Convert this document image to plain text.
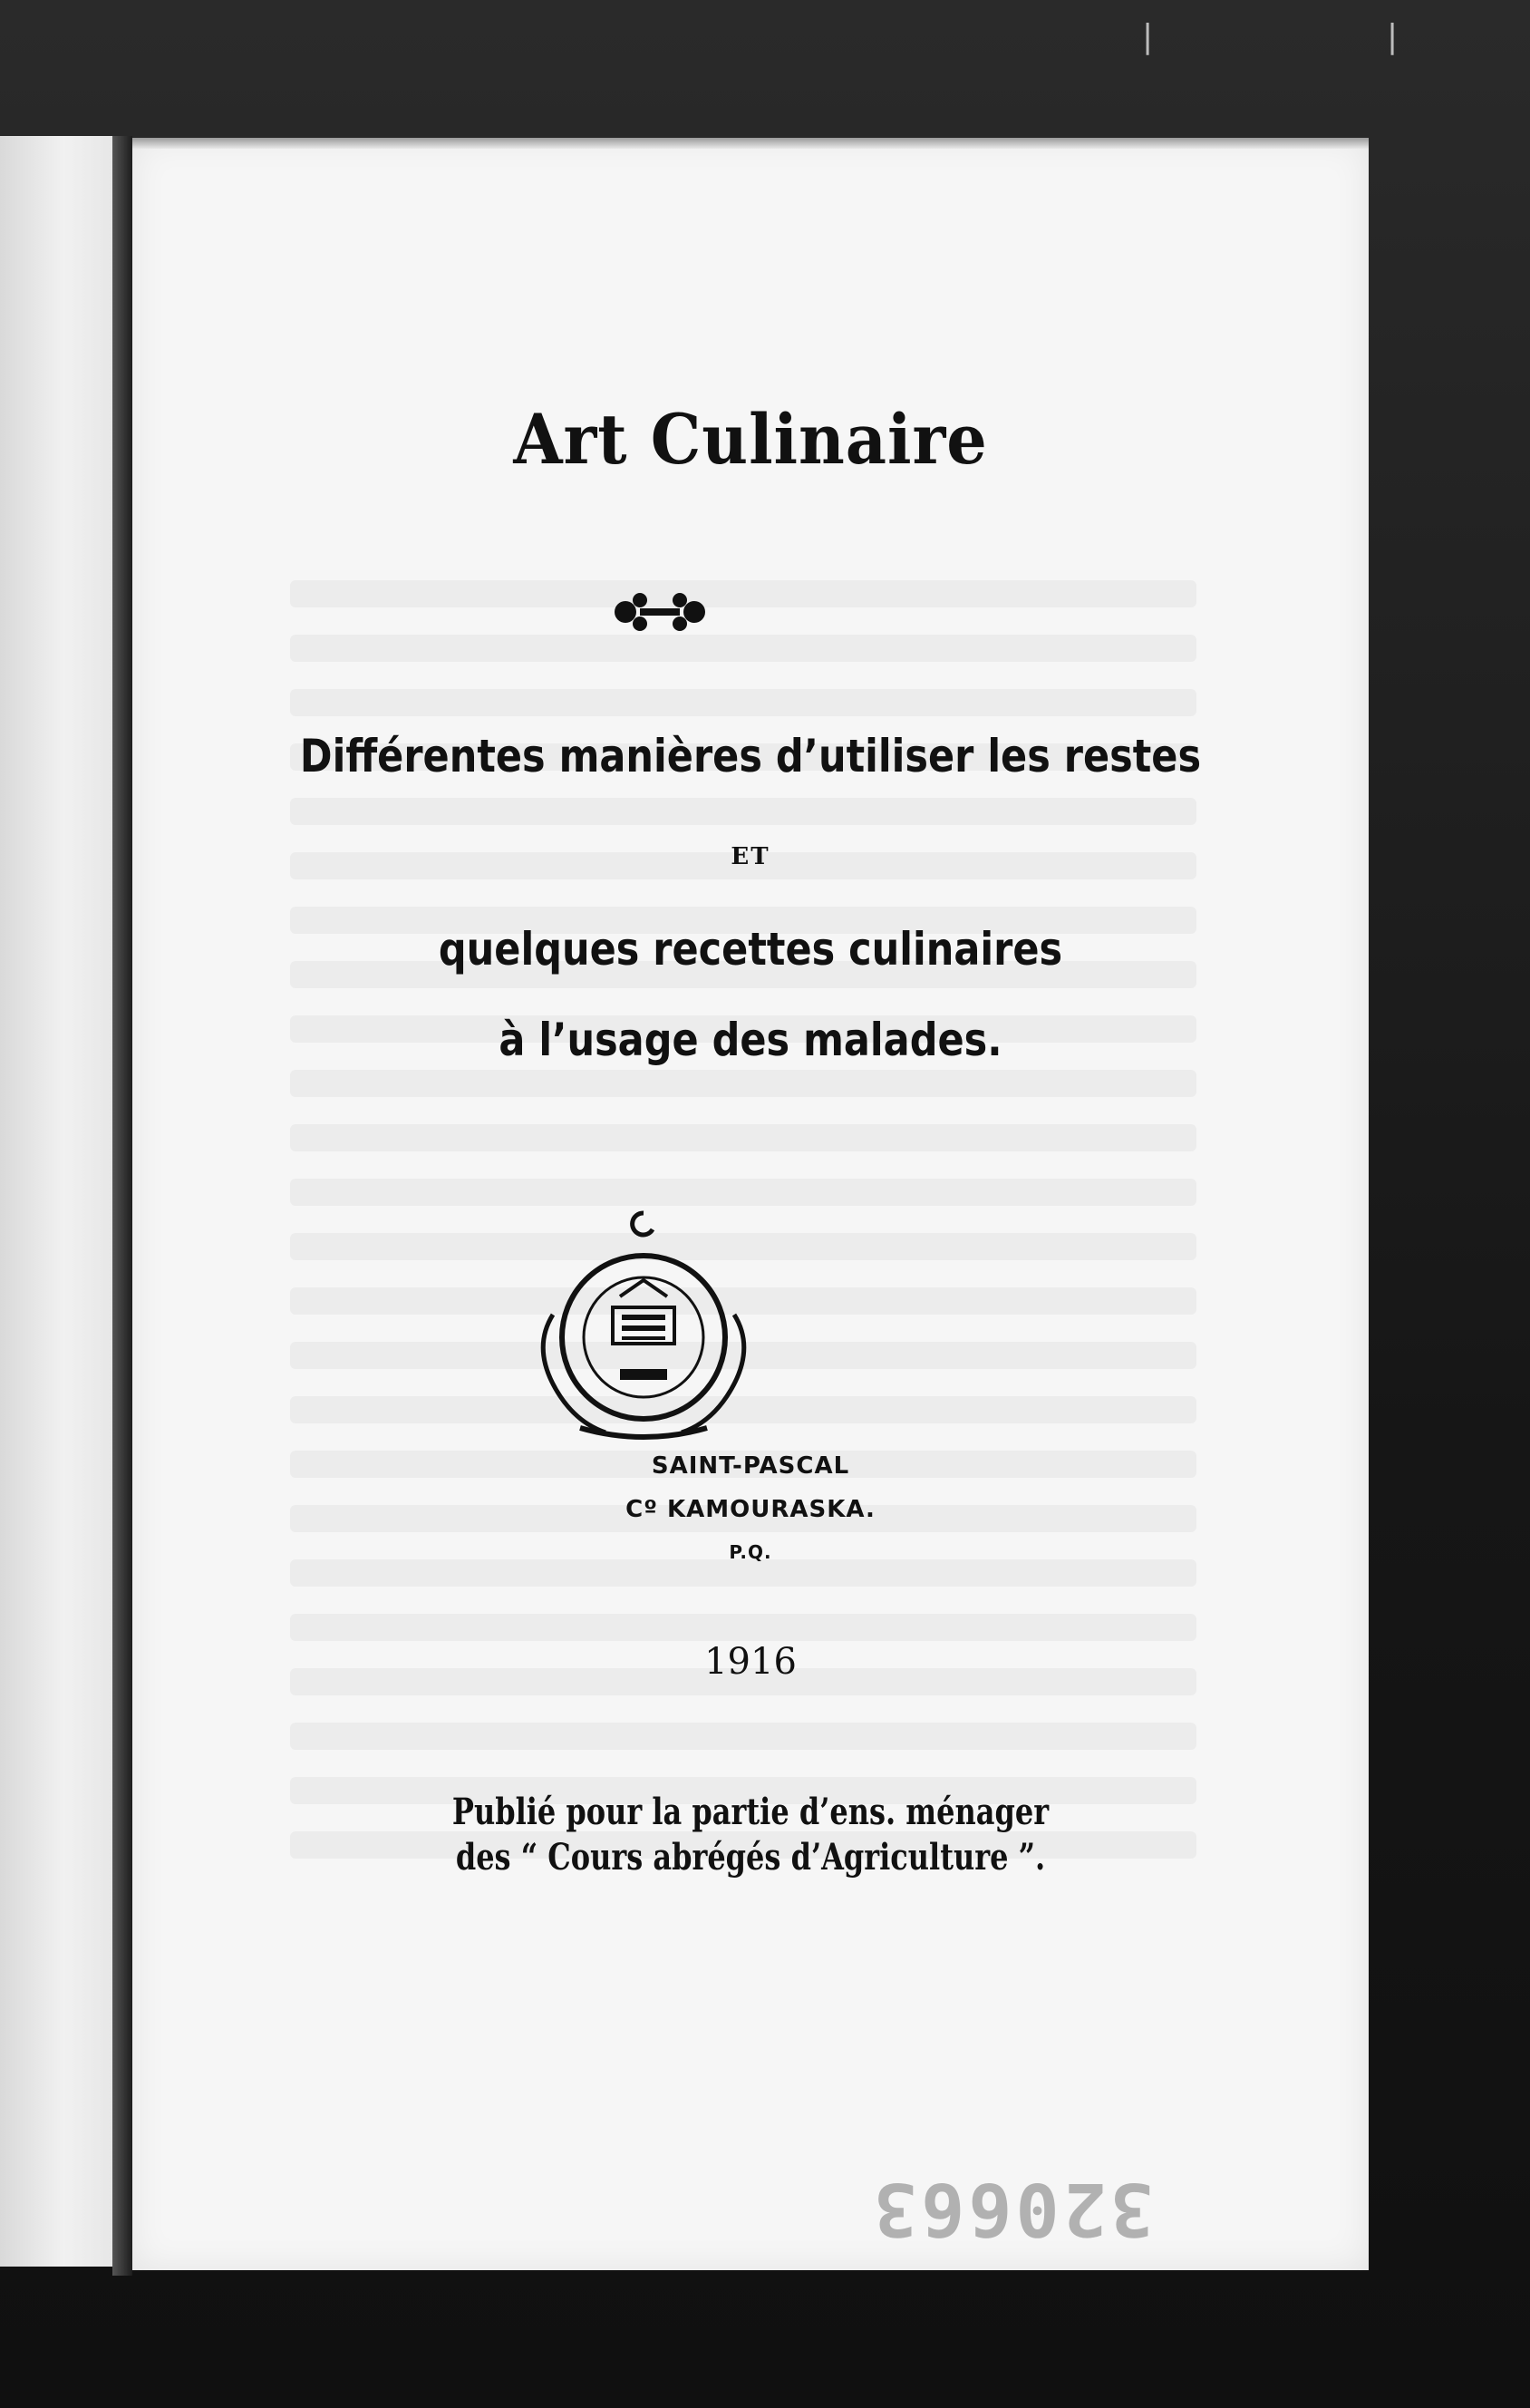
Art Culinaire
Différentes manières d’utiliser les restes
ET
quelques recettes culinaires
à l’usage des malades.
SAINT-PASCAL
Cº KAMOURASKA.
P.Q.
1916
Publié pour la partie d’ens. ménager
des “ Cours abrégés d’Agriculture ”.
320663
|	|
